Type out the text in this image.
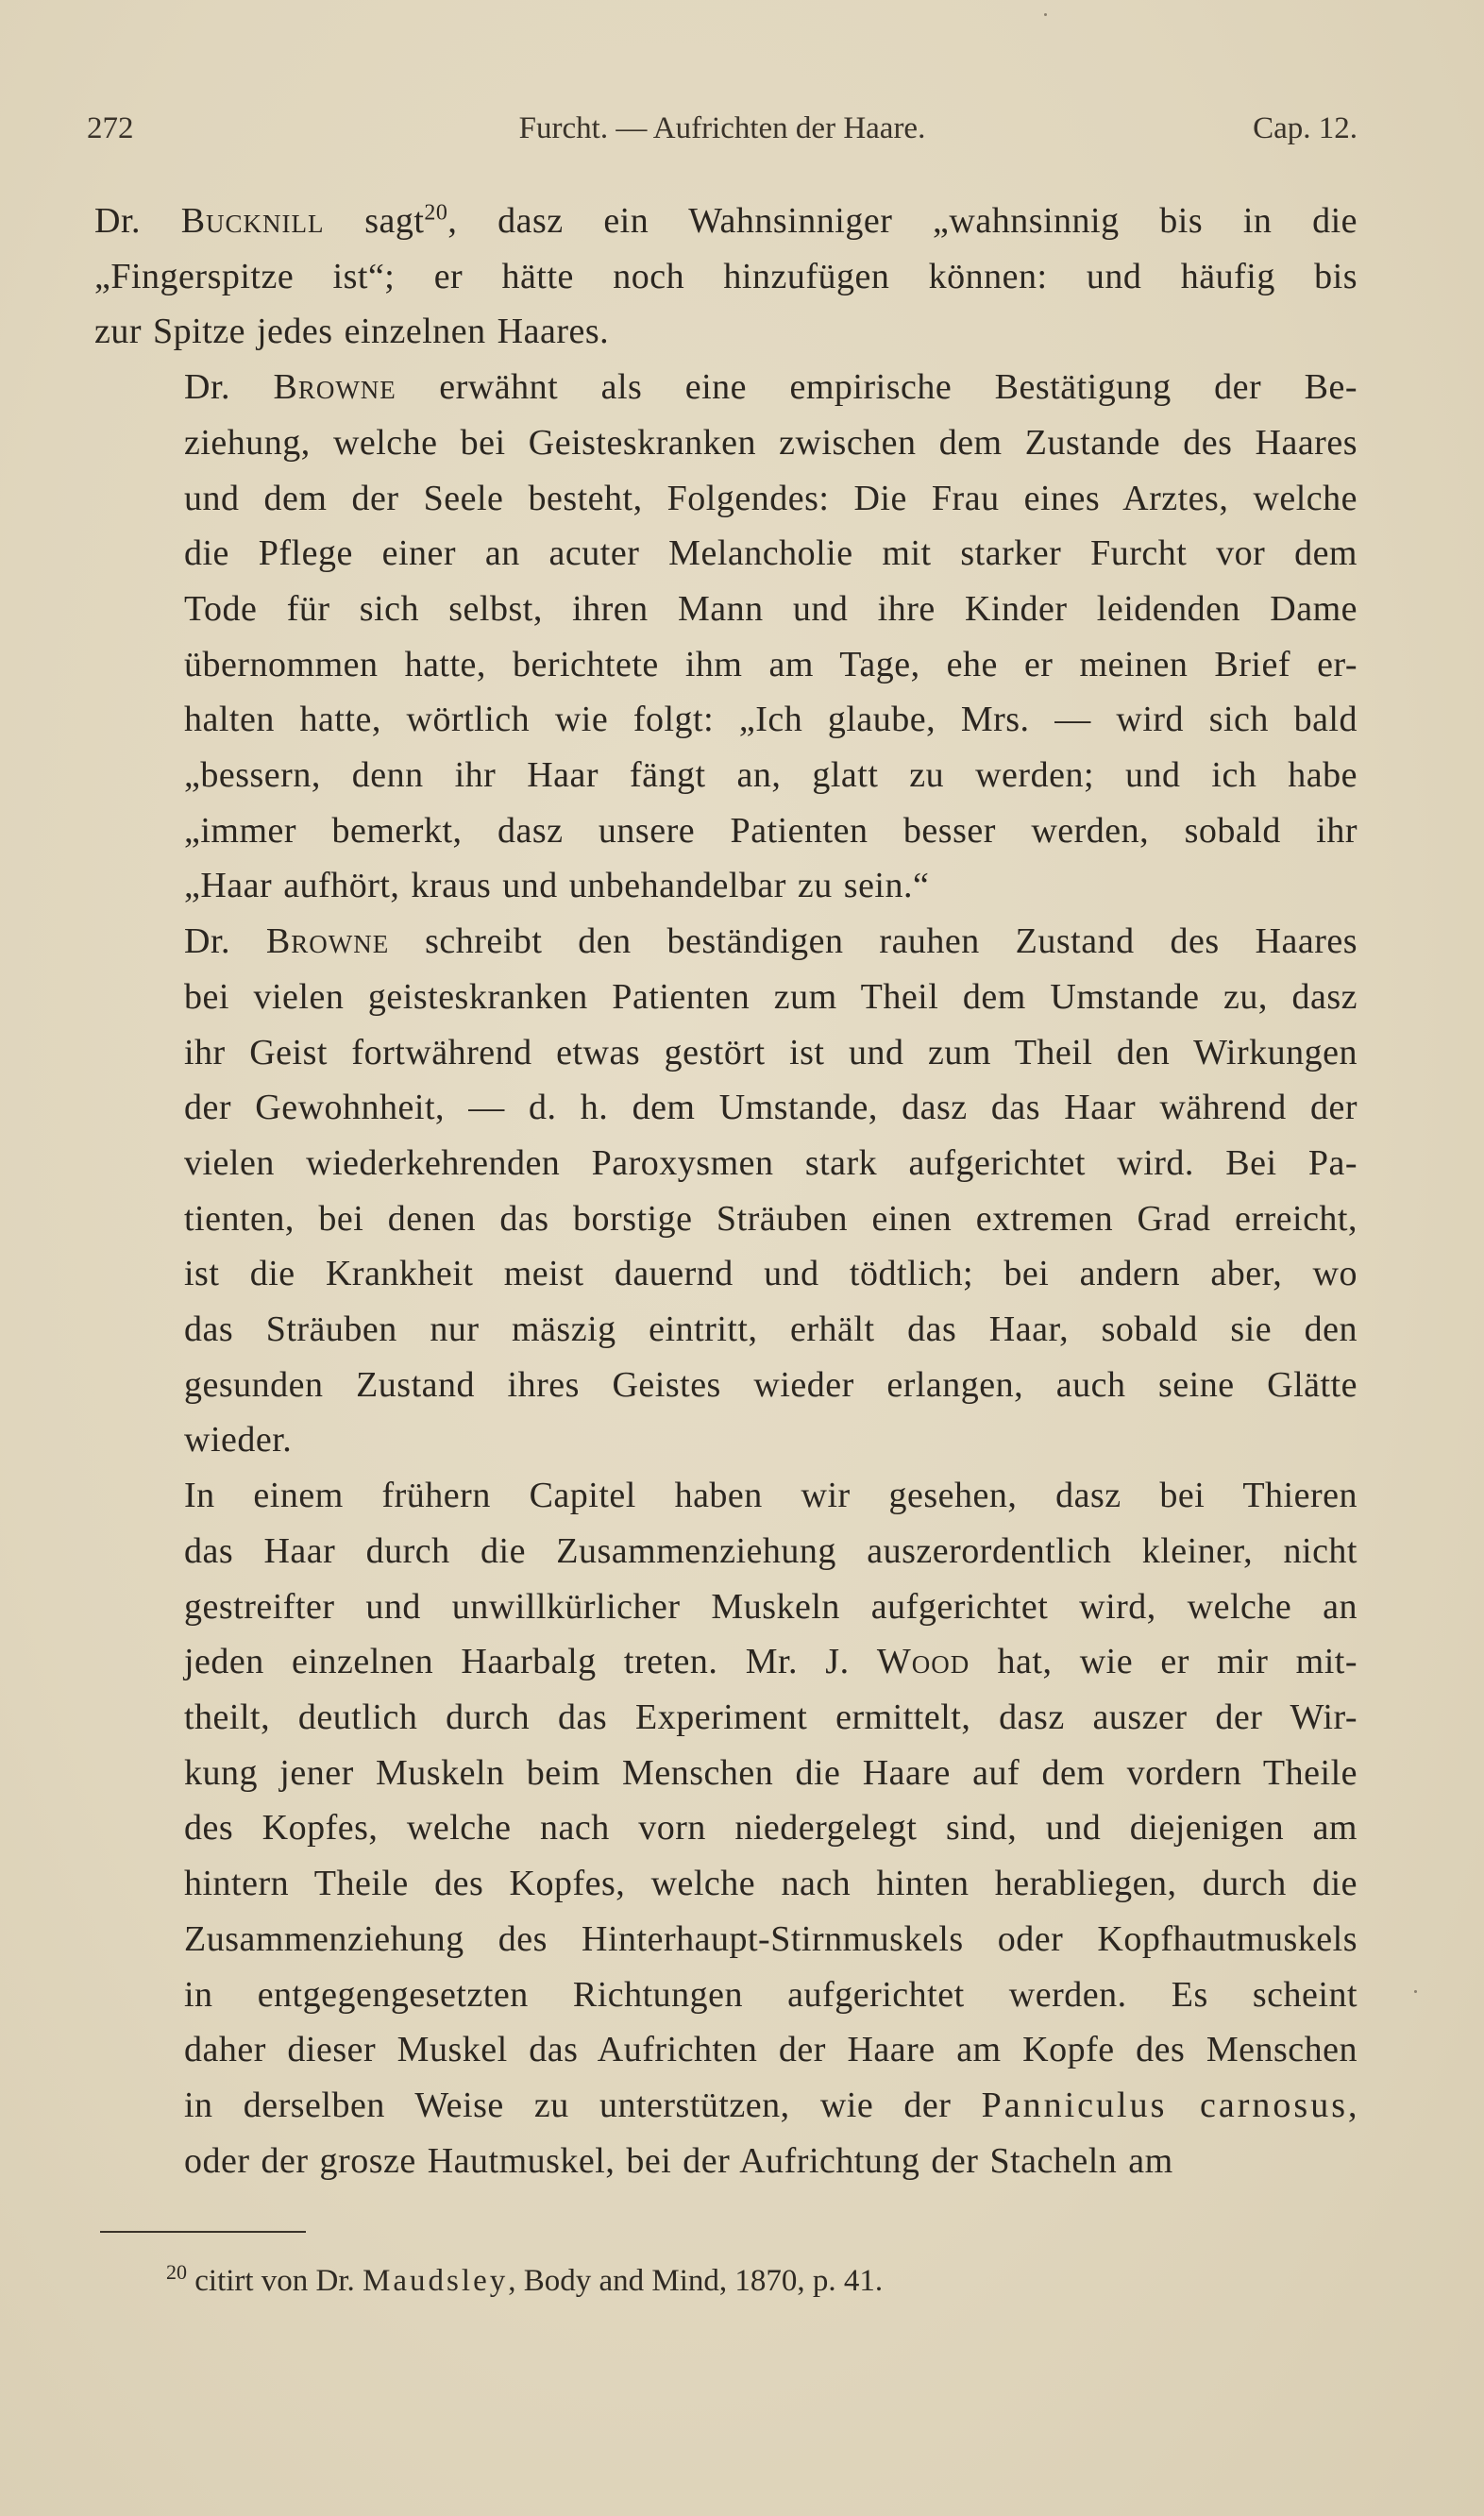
272	Furcht. — Aufrichten der Haare.	Cap. 12.

Dr. Bucknill sagt$^{20}$, dasz ein Wahnsinniger „wahnsinnig bis in die
„Fingerspitze ist“; er hätte noch hinzufügen können: und häufig bis
zur Spitze jedes einzelnen Haares.

Dr. Browne erwähnt als eine empirische Bestätigung der Be-
ziehung, welche bei Geisteskranken zwischen dem Zustande des Haares
und dem der Seele besteht, Folgendes: Die Frau eines Arztes, welche
die Pflege einer an acuter Melancholie mit starker Furcht vor dem
Tode für sich selbst, ihren Mann und ihre Kinder leidenden Dame
übernommen hatte, berichtete ihm am Tage, ehe er meinen Brief er-
halten hatte, wörtlich wie folgt: „Ich glaube, Mrs. — wird sich bald
„bessern, denn ihr Haar fängt an, glatt zu werden; und ich habe
„immer bemerkt, dasz unsere Patienten besser werden, sobald ihr
„Haar aufhört, kraus und unbehandelbar zu sein.“

Dr. Browne schreibt den beständigen rauhen Zustand des Haares
bei vielen geisteskranken Patienten zum Theil dem Umstande zu, dasz
ihr Geist fortwährend etwas gestört ist und zum Theil den Wirkungen
der Gewohnheit, — d. h. dem Umstande, dasz das Haar während der
vielen wiederkehrenden Paroxysmen stark aufgerichtet wird. Bei Pa-
tienten, bei denen das borstige Sträuben einen extremen Grad erreicht,
ist die Krankheit meist dauernd und tödtlich; bei andern aber, wo
das Sträuben nur mäszig eintritt, erhält das Haar, sobald sie den
gesunden Zustand ihres Geistes wieder erlangen, auch seine Glätte
wieder.

In einem frühern Capitel haben wir gesehen, dasz bei Thieren
das Haar durch die Zusammenziehung auszerordentlich kleiner, nicht
gestreifter und unwillkürlicher Muskeln aufgerichtet wird, welche an
jeden einzelnen Haarbalg treten. Mr. J. Wood hat, wie er mir mit-
theilt, deutlich durch das Experiment ermittelt, dasz auszer der Wir-
kung jener Muskeln beim Menschen die Haare auf dem vordern Theile
des Kopfes, welche nach vorn niedergelegt sind, und diejenigen am
hintern Theile des Kopfes, welche nach hinten herabliegen, durch die
Zusammenziehung des Hinterhaupt-Stirnmuskels oder Kopfhautmuskels
in entgegengesetzten Richtungen aufgerichtet werden. Es scheint
daher dieser Muskel das Aufrichten der Haare am Kopfe des Menschen
in derselben Weise zu unterstützen, wie der Panniculus carnosus,
oder der grosze Hautmuskel, bei der Aufrichtung der Stacheln am

$^{20}$ citirt von Dr. Maudsley, Body and Mind, 1870, p. 41.
